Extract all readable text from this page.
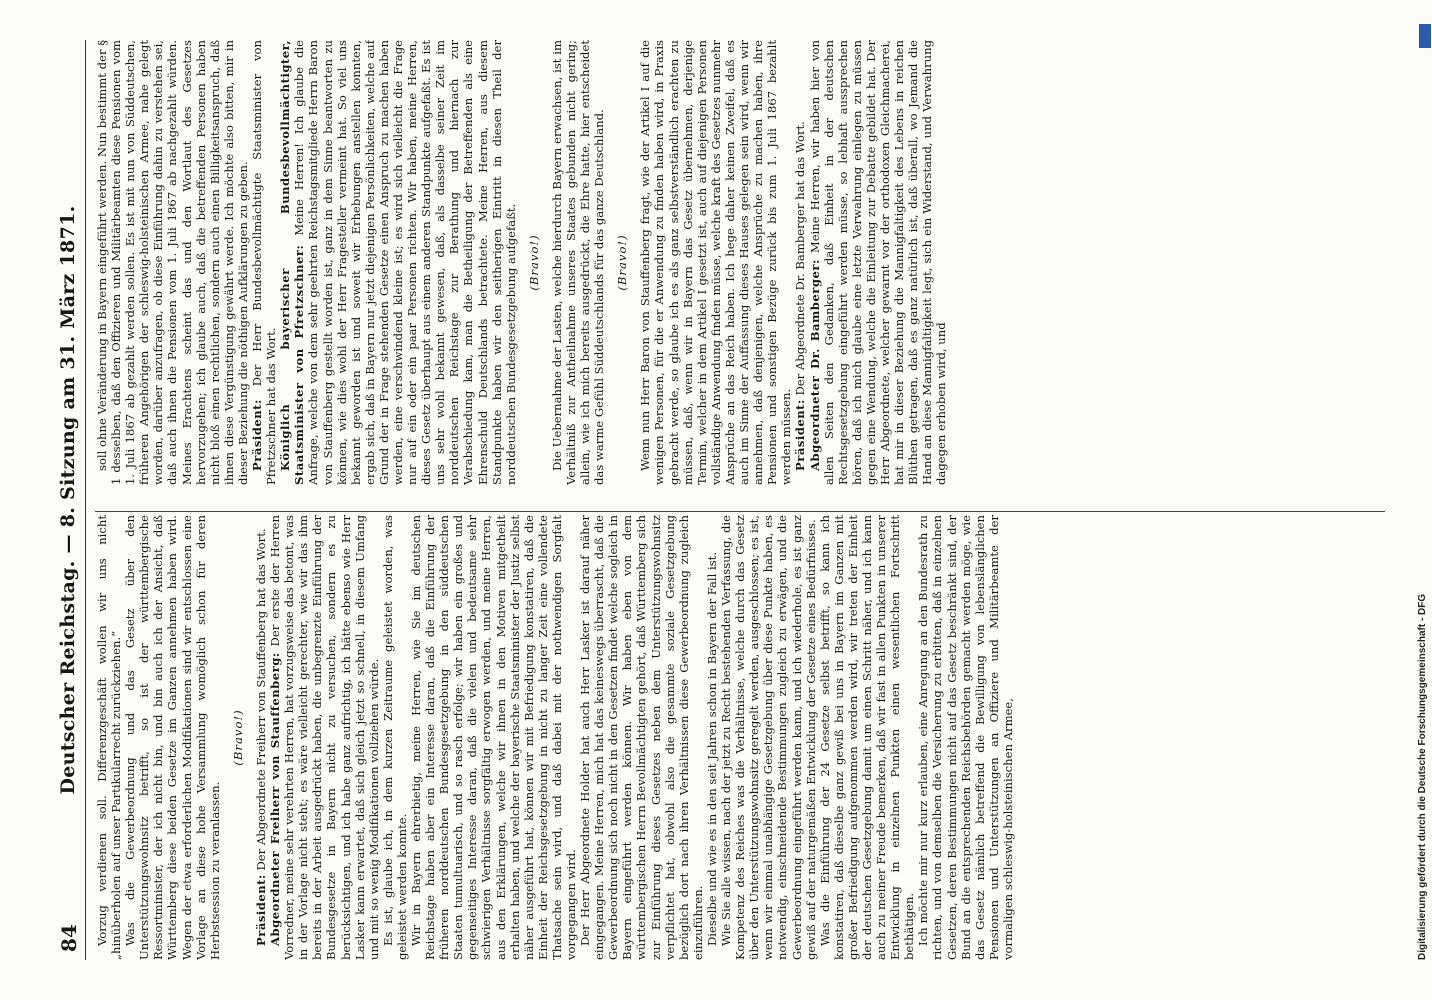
84
Deutscher Reichstag. — 8. Sitzung am 31. März 1871. Vorzug verdienen soll. Differenzgeschäft wollen wir uns nicht „hinüberholen auf unser Partikularrecht zurückziehen.“ Was die Gewerbeordnung und das Gesetz über den Unterstützungswohnsitz betrifft, so ist der württembergische Ressortminister, der ich nicht bin, und bin auch ich der Ansicht, daß Württemberg diese beiden Gesetze im Ganzen annehmen haben wird. Wegen der etwa erforderlichen Modifikationen sind wir entschlossen eine Vorlage an diese hohe Versammlung womöglich schon für deren Herbstsession zu veranlassen.

(Bravo!)

Präsident: Der Abgeordnete Freiherr von Stauffenberg hat das Wort. Abgeordneter Freiherr von Stauffenberg: Der erste der Herren Vorredner, meine sehr verehrten Herren, hat vorzugsweise das betont, was in der Vorlage nicht steht; es wäre vielleicht gerechter, wie wir das ihm bereits in der Arbeit ausgedrückt haben, die unbegrenzte Einführung der Bundesgesetze in Bayern nicht zu versuchen, sondern es zu berücksichtigen, und ich habe ganz aufrichtig, ich hätte ebenso wie Herr Lasker kann erwartet, daß sich gleich jetzt so schnell, in diesem Umfang und mit so wenig Modifikationen vollziehen würde. Es ist, glaube ich, in dem kurzen Zeitraume geleistet worden, was geleistet werden konnte. Wir in Bayern ehrerbietig, meine Herren, wie Sie im deutschen Reichstage haben aber ein Interesse daran, daß die Einführung der früheren norddeutschen Bundesgesetzgebung in den süddeutschen Staaten tumultuarisch, und so rasch erfolge; wir haben ein großes und gegenseitiges Interesse daran, daß die vielen und bedeutsame sehr schwierigen Verhältnisse sorgfältig erwogen werden, und meine Herren, aus den Erklärungen, welche wir ihnen in den Motiven mitgetheilt erhalten haben, und welche der bayerische Staatsminister der Justiz selbst näher ausgeführt hat, können wir mit Befriedigung konstatiren, daß die Einheit der Reichsgesetzgebung in nicht zu langer Zeit eine vollendete Thatsache sein wird, und daß dabei mit der nothwendigen Sorgfalt vorgegangen wird. Der Herr Abgeordnete Holder hat auch Herr Lasker ist darauf näher eingegangen. Meine Herren, mich hat das keineswegs überrascht, daß die Gewerbeordnung sich noch nicht in den Gesetzen findet welche sogleich in Bayern eingeführt werden können. Wir haben eben von dem württembergischen Herrn Bevollmächtigten gehört, daß Württemberg sich zur Einführung dieses Gesetzes neben dem Unterstützungswohnsitz verpflichtet hat, obwohl also die gesammte soziale Gesetzgebung bezüglich dort nach ihren Verhältnissen diese Gewerbeordnung zugleich einzuführen. Dieselbe und wie es in den seit Jahren schon in Bayern der Fall ist. Wie Sie alle wissen, nach der jetzt zu Recht bestehenden Verfassung, die Kompetenz des Reiches was die Verhältnisse, welche durch das Gesetz über den Unterstützungswohnsitz geregelt werden, ausgeschlossen; es ist, wenn wir einmal unabhängige Gesetzgebung über diese Punkte haben, es notwendig, einschneidende Bestimmungen zugleich zu erwägen, und die Gewerbeordnung eingeführt werden kann, und ich wiederhole, es ist ganz gewiß auf der naturgemäßen Entwicklung der Gesetze eines Bedürfnisses. Was die Einführung der 24 Gesetze selbst betrifft, so kann ich konstatiren, daß dieselbe ganz gewiß bei uns in Bayern im Ganzen mit großer Befriedigung aufgenommen werden wird, wir treten der Einheit der deutschen Gesetzgebung damit um einen Schritt näher, und ich kann auch zu meiner Freude bemerken, daß wir fast in allen Punkten in unserer Entwicklung in einzelnen Punkten einen wesentlichen Fortschritt bethätigen. Ich möchte mir nur kurz erlauben, eine Anregung an den Bundesrath zu richten, und von demselben die Versicherung zu erbitten, daß in einzelnen Gesetzen, deren Bestimmungen nicht auf das Gesetz beschränkt sind, der Bund an die entsprechenden Reichsbehörden gemacht werden möge, wie das Gesetz nämlich betreffend die Bewilligung von lebenslänglichen Pensionen und Unterstützungen an Offiziere und Militärbeamte der vormaligen schleswig-holsteinischen Armee,

soll ohne Veränderung in Bayern eingeführt werden. Nun bestimmt der § 1 desselben, daß den Offizieren und Militärbeamten diese Pensionen vom 1. Juli 1867 ab gezahlt werden sollen. Es ist mit nun von Süddeutschen, früheren Angehörigen der schleswig-holsteinischen Armee, nahe gelegt worden, darüber anzufragen, ob diese Einführung dahin zu verstehen sei, daß auch ihnen die Pensionen vom 1. Juli 1867 ab nachgezahlt würden. Meines Erachtens scheint das und den Wortlaut des Gesetzes hervorzugehen; ich glaube auch, daß die betreffenden Personen haben nicht bloß einen rechtlichen, sondern auch einen Billigkeitsanspruch, daß ihnen diese Vergünstigung gewährt werde. Ich möchte also bitten, mir in dieser Beziehung die nöthigen Aufklärungen zu geben. Präsident: Der Herr Bundesbevollmächtigte Staatsminister von Pfretzschner hat das Wort. Königlich bayerischer Bundesbevollmächtigter, Staatsminister von Pfretzschner: Meine Herren! Ich glaube die Anfrage, welche von dem sehr geehrten Reichstagsmitgliede Herrn Baron von Stauffenberg gestellt worden ist, ganz in dem Sinne beantworten zu können, wie dies wohl der Herr Fragesteller vermeint hat. So viel uns bekannt geworden ist und soweit wir Erhebungen anstellen konnten, ergab sich, daß in Bayern nur jetzt diejenigen Persönlichkeiten, welche auf Grund der in Frage stehenden Gesetze einen Anspruch zu machen haben werden, eine verschwindend kleine ist; es wird sich vielleicht die Frage nur auf ein oder ein paar Personen richten. Wir haben, meine Herren, dieses Gesetz überhaupt aus einem anderen Standpunkte aufgefaßt. Es ist uns sehr wohl bekannt gewesen, daß, als dasselbe seiner Zeit im norddeutschen Reichstage zur Berathung und hiernach zur Verabschiedung kam, man die Betheiligung der Betreffenden als eine Ehrenschuld Deutschlands betrachtete. Meine Herren, aus diesem Standpunkte haben wir den seitherigen Eintritt in diesen Theil der norddeutschen Bundesgesetzgebung aufgefaßt. (Bravo!) Die Uebernahme der Lasten, welche hierdurch Bayern erwachsen, ist im Verhältniß zur Antheilnahme unseres Staates gebunden nicht gering; allein, wie ich mich bereits ausgedrückt, die Ehre hatte, hier entscheidet das warme Gefühl Süddeutschlands für das ganze Deutschland. (Bravo!) Wenn nun Herr Baron von Stauffenberg fragt, wie der Artikel I auf die wenigen Personen, für die er Anwendung zu finden haben wird, in Praxis gebracht werde, so glaube ich es als ganz selbstverständlich erachten zu müssen, daß, wenn wir in Bayern das Gesetz übernehmen, derjenige Termin, welcher in dem Artikel I gesetzt ist, auch auf diejenigen Personen vollständige Anwendung finden müsse, welche kraft des Gesetzes nunmehr Ansprüche an das Reich haben. Ich hege daher keinen Zweifel, daß es auch im Sinne der Auffassung dieses Hauses gelegen sein wird, wenn wir annehmen, daß denjenigen, welche Ansprüche zu machen haben, ihre Pensionen und sonstigen Bezüge zurück bis zum 1. Juli 1867 bezahlt werden müssen. Präsident: Der Abgeordnete Dr. Bamberger hat das Wort. Abgeordneter Dr. Bamberger: Meine Herren, wir haben hier von allen Seiten den Gedanken, daß Einheit in der deutschen Rechtsgesetzgebung eingeführt werden müsse, so lebhaft aussprechen hören, daß ich mich glaube eine letzte Verwahrung einlegen zu müssen gegen eine Wendung, welche die Einleitung zur Debatte gebildet hat. Der Herr Abgeordnete, welcher gewarnt vor der orthodoxen Gleichmacherei, hat mir in dieser Beziehung die Mannigfaltigkeit des Lebens in reichen Blüthen getragen, daß es ganz natürlich ist, daß überall, wo Jemand die Hand an diese Mannigfaltigkeit legt, sich ein Widerstand, und Verwahrung dagegen erhoben wird, und

Digitalisierung gefördert durch die Deutsche Forschungsgemeinschaft - DFG
